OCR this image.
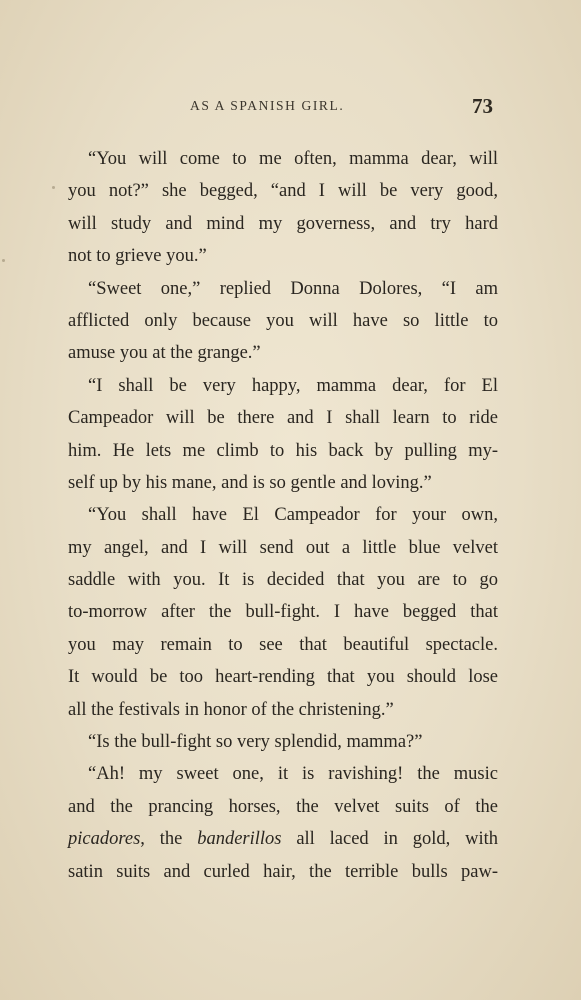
AS A SPANISH GIRL.	73
“You will come to me often, mamma dear, will
you not?” she begged, “and I will be very good,
will study and mind my governess, and try hard
not to grieve you.”
“Sweet one,” replied Donna Dolores, “I am
afflicted only because you will have so little to
amuse you at the grange.”
“I shall be very happy, mamma dear, for El
Campeador will be there and I shall learn to ride
him. He lets me climb to his back by pulling my-
self up by his mane, and is so gentle and loving.”
“You shall have El Campeador for your own,
my angel, and I will send out a little blue velvet
saddle with you. It is decided that you are to go
to-morrow after the bull-fight. I have begged that
you may remain to see that beautiful spectacle.
It would be too heart-rending that you should lose
all the festivals in honor of the christening.”
“Is the bull-fight so very splendid, mamma?”
“Ah! my sweet one, it is ravishing! the music
and the prancing horses, the velvet suits of the
picadores, the banderillos all laced in gold, with
satin suits and curled hair, the terrible bulls paw-
